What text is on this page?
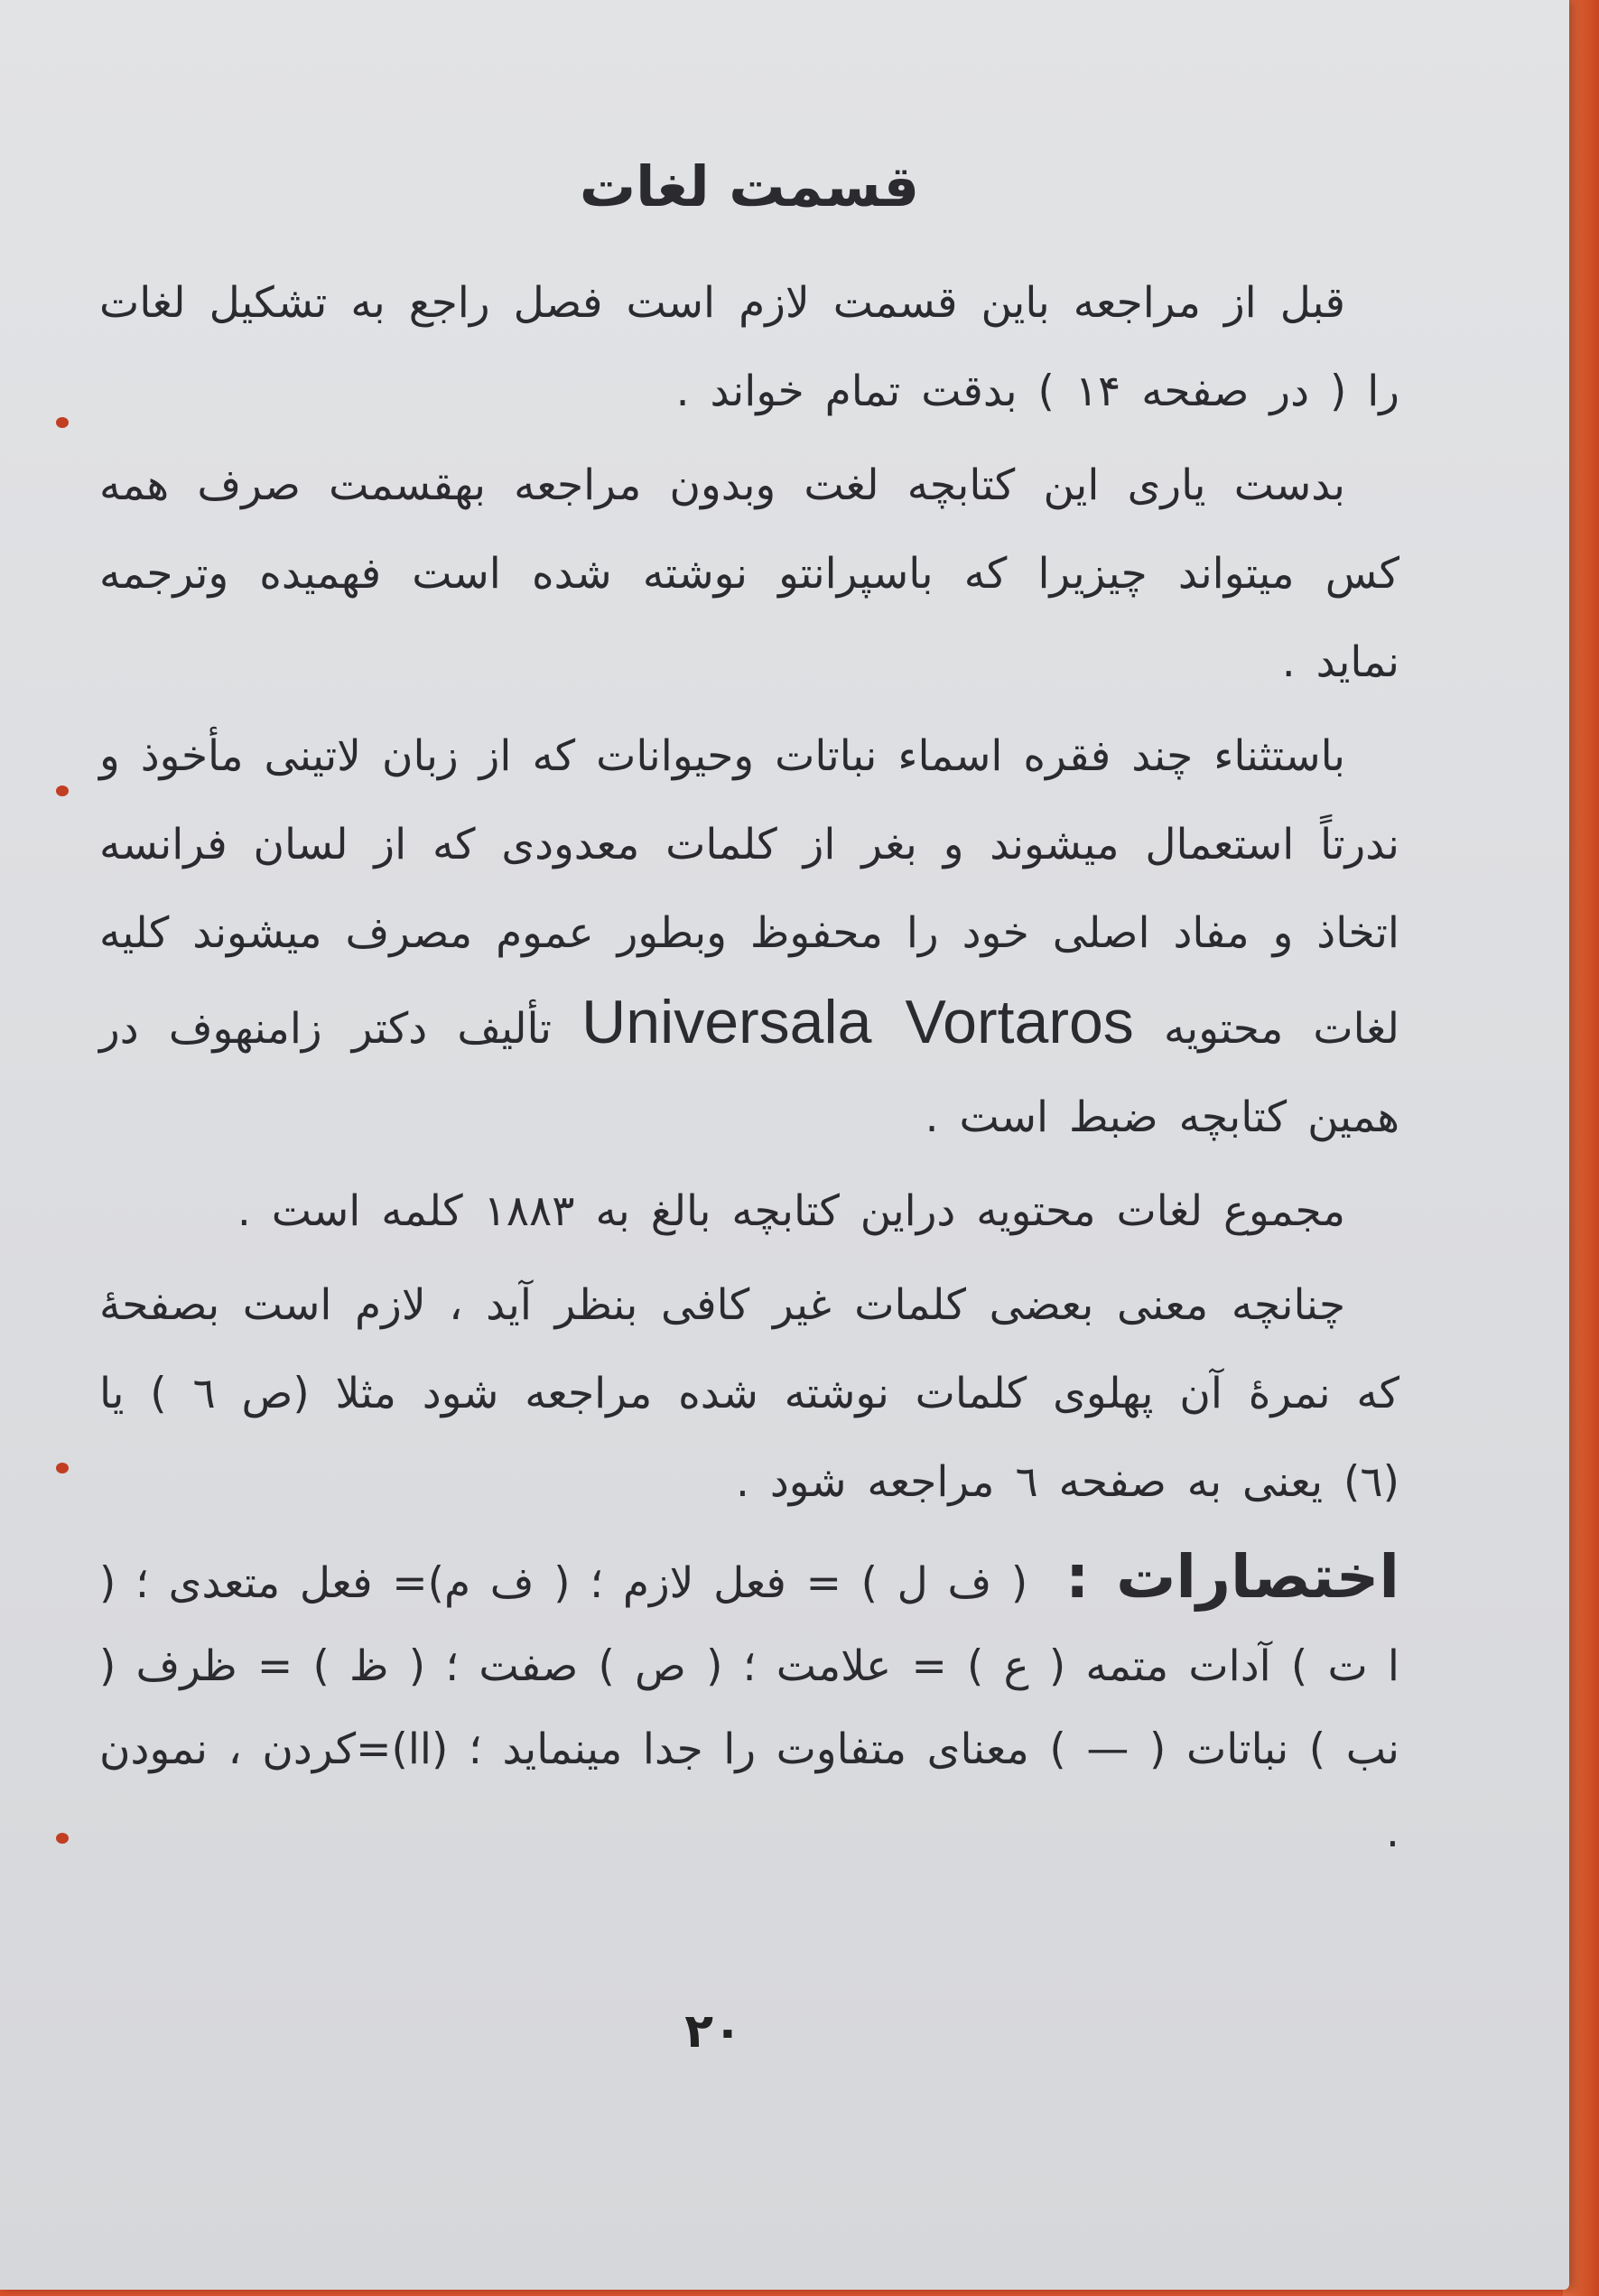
قسمت لغات

قبل از مراجعه باین قسمت لازم است فصل راجع به تشکیل لغات را ( در صفحه ۱۴ ) بدقت تمام خواند .

بدست یاری این کتابچه لغت وبدون مراجعه بهقسمت صرف همه کس میتواند چیزیرا که باسپرانتو نوشته شده است فهمیده وترجمه نماید .

باستثناء چند فقره اسماء نباتات وحیوانات که از زبان لاتینی مأخوذ و ندرتاً استعمال میشوند و بغر از کلمات معدودی که از لسان فرانسه اتخاذ و مفاد اصلی خود را محفوظ وبطور عموم مصرف میشوند کلیه لغات محتویه Universala Vortaros تألیف دکتر زامنهوف در همین کتابچه ضبط است .

مجموع لغات محتویه دراین کتابچه بالغ به ۱۸۸۳ کلمه است .

چنانچه معنی بعضی کلمات غیر کافی بنظر آید ، لازم است بصفحهٔ که نمرهٔ آن پهلوی کلمات نوشته شده مراجعه شود مثلا (ص ٦ ) یا (٦) یعنی به صفحه ٦ مراجعه شود .

اختصارات : ( ف ل ) = فعل لازم ؛ ( ف م)= فعل متعدی ؛ ( ا ت ) آدات متمه ( ع ) = علامت ؛ ( ص ) صفت ؛ ( ظ ) = ظرف ( نب ) نباتات ( — ) معنای متفاوت را جدا مینماید ؛ (اا)=کردن ، نمودن .
۲۰
